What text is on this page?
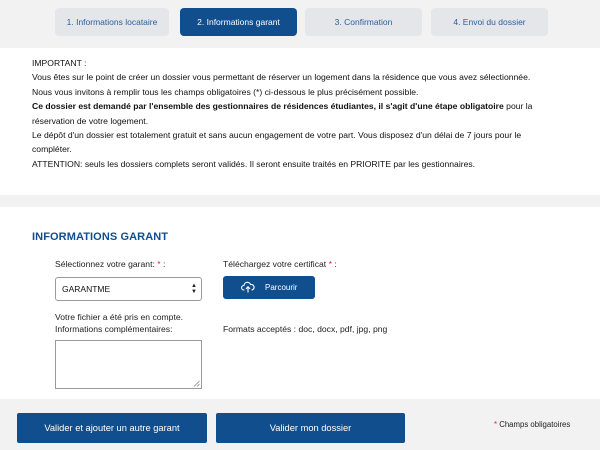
1. Informations locataire	2. Informations garant	3. Confirmation	4. Envoi du dossier

IMPORTANT :

Vous êtes sur le point de créer un dossier vous permettant de réserver un logement dans la résidence que vous avez sélectionnée.

Nous vous invitons à remplir tous les champs obligatoires (*) ci-dessous le plus précisément possible.

Ce dossier est demandé par l'ensemble des gestionnaires de résidences étudiantes, il s'agit d'une étape obligatoire pour la

réservation de votre logement.

Le dépôt d'un dossier est totalement gratuit et sans aucun engagement de votre part. Vous disposez d'un délai de 7 jours pour le

compléter.

ATTENTION: seuls les dossiers complets seront validés. Il seront ensuite traités en PRIORITE par les gestionnaires.

INFORMATIONS GARANT
Sélectionnez votre garant: * :	Téléchargez votre certificat * :
GARANTME	▲
▼	Parcourir
Votre fichier a été pris en compte.
Informations complémentaires:	Formats acceptés : doc, docx, pdf, jpg, png
Valider et ajouter un autre garant	Valider mon dossier	* Champs obligatoires
